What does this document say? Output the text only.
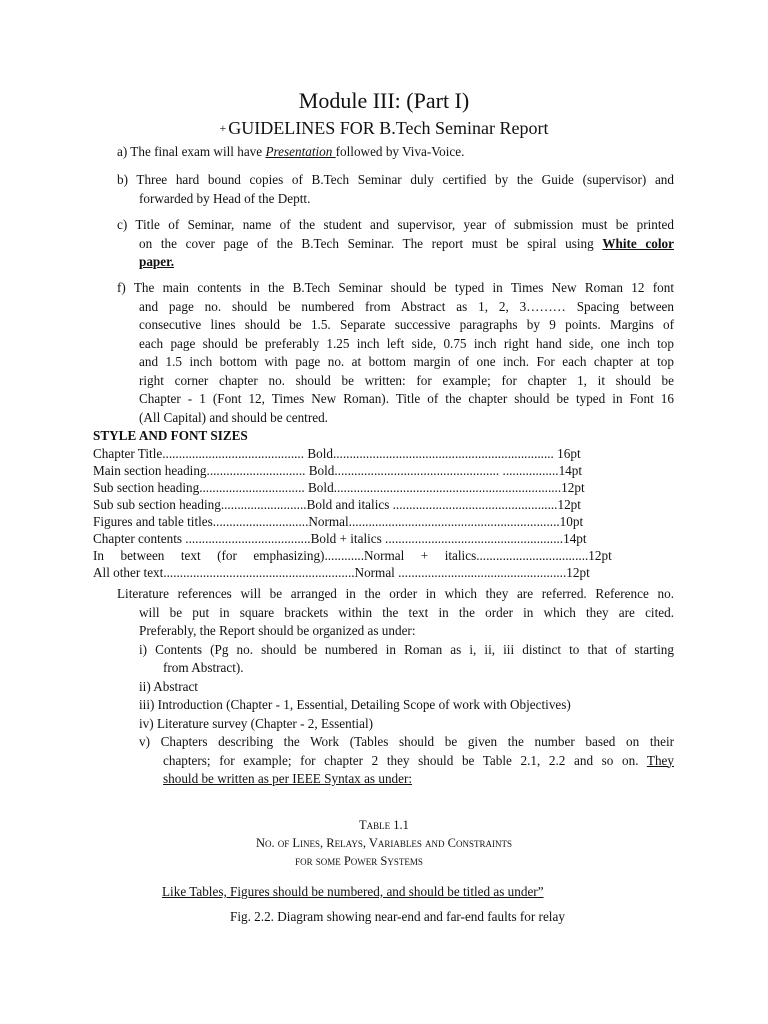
Module III: (Part I)
+ GUIDELINES FOR B.Tech Seminar Report
a) The final exam will have Presentation followed by Viva-Voice.
b) Three hard bound copies of B.Tech Seminar duly certified by the Guide (supervisor) and
forwarded by Head of the Deptt.
c) Title of Seminar, name of the student and supervisor, year of submission must be printed
on the cover page of the B.Tech Seminar. The report must be spiral using White color
paper.
f) The main contents in the B.Tech Seminar should be typed in Times New Roman 12 font
and page no. should be numbered from Abstract as 1, 2, 3……… Spacing between
consecutive lines should be 1.5. Separate successive paragraphs by 9 points. Margins of
each page should be preferably 1.25 inch left side, 0.75 inch right hand side, one inch top
and 1.5 inch bottom with page no. at bottom margin of one inch. For each chapter at top
right corner chapter no. should be written: for example; for chapter 1, it should be
Chapter - 1 (Font 12, Times New Roman). Title of the chapter should be typed in Font 16
(All Capital) and should be centred.
STYLE AND FONT SIZES
Chapter Title........................................... Bold................................................................... 16pt
Main section heading.............................. Bold.................................................. ................. 14pt
Sub section heading................................ Bold..................................................................... 12pt
Sub sub section heading.......................... Bold and italics .................................................. 12pt
Figures and table titles............................. Normal................................................................ 10pt
Chapter contents ...................................... Bold + italics ...................................................... 14pt
In     between     text     (for     emphasizing) ............Normal     +     italics.................................. 12pt
All other text.......................................................... Normal ................................................... 12pt
Literature references will be arranged in the order in which they are referred. Reference no.
will be put in square brackets within the text in the order in which they are cited.
Preferably, the Report should be organized as under:
i) Contents (Pg no. should be numbered in Roman as i, ii, iii distinct to that of starting
from Abstract).
ii) Abstract
iii) Introduction (Chapter - 1, Essential, Detailing Scope of work with Objectives)
iv) Literature survey (Chapter - 2, Essential)
v) Chapters describing the Work (Tables should be given the number based on their
chapters; for example; for chapter 2 they should be Table 2.1, 2.2 and so on. They
should be written as per IEEE Syntax as under:
Table 1.1
No. of Lines, Relays, Variables and Constraints
for some Power Systems
Like Tables, Figures should be numbered, and should be titled as under”
Fig. 2.2. Diagram showing near-end and far-end faults for relay
